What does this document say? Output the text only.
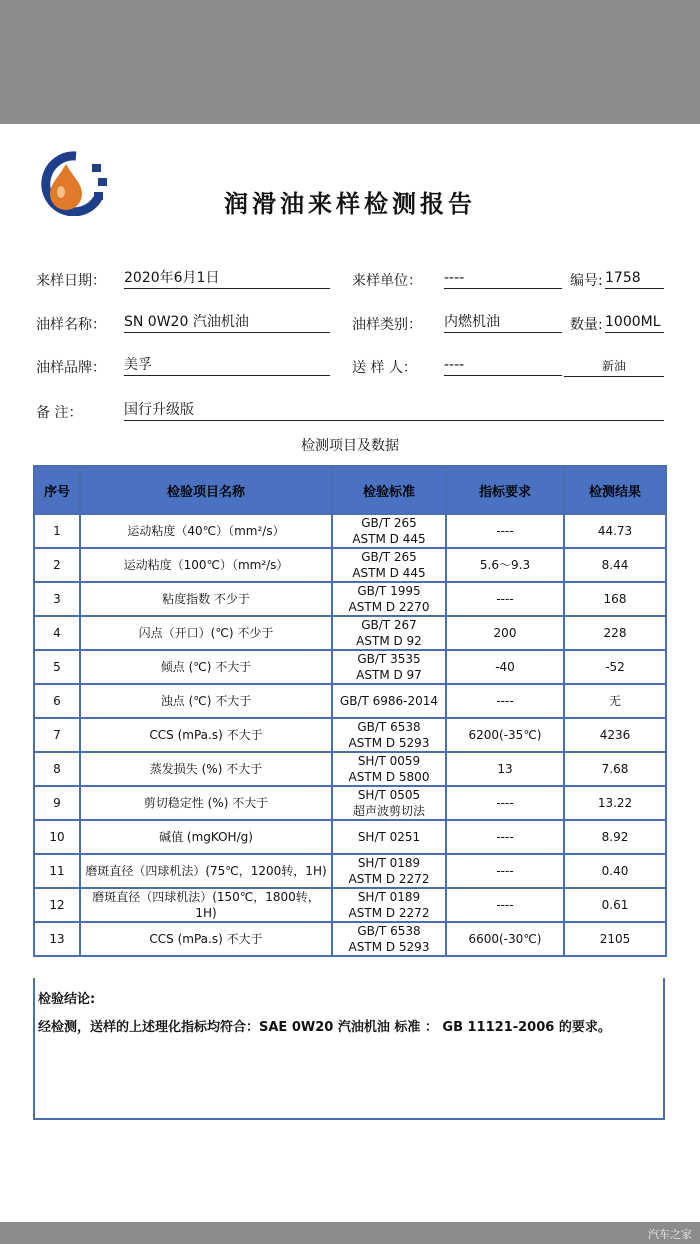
润滑油来样检测报告
来样日期： 2020年6月1日	来样单位： ----	编号: 1758
油样名称： SN 0W20 汽油机油	油样类别： 内燃机油	数量: 1000ML
油样品牌： 美孚	送 样 人： ----	新油
备 注：	国行升级版
检测项目及数据
序号	检验项目名称	检验标准	指标要求	检测结果
1	运动粘度（40℃）（mm²/s）	GB/T 265
ASTM D 445	----	44.73
2	运动粘度（100℃）（mm²/s）	GB/T 265
ASTM D 445	5.6～9.3	8.44
3	粘度指数 不少于	GB/T 1995
ASTM D 2270	----	168
4	闪点（开口）(℃) 不少于	GB/T 267
ASTM D 92	200	228
5	倾点 (℃) 不大于	GB/T 3535
ASTM D 97	-40	-52
6	浊点 (℃) 不大于	GB/T 6986-2014	----	无
7	CCS (mPa.s) 不大于	GB/T 6538
ASTM D 5293	6200(-35℃)	4236
8	蒸发损失 (%) 不大于	SH/T 0059
ASTM D 5800	13	7.68
9	剪切稳定性 (%) 不大于	SH/T 0505
超声波剪切法	----	13.22
10	碱值 (mgKOH/g)	SH/T 0251	----	8.92
11	磨斑直径（四球机法）(75℃，1200转，1H)	SH/T 0189
ASTM D 2272	----	0.40
12	磨斑直径（四球机法）(150℃，1800转，1H)	SH/T 0189
ASTM D 2272	----	0.61
13	CCS (mPa.s) 不大于	GB/T 6538
ASTM D 5293	6600(-30℃)	2105
检验结论:
经检测，送样的上述理化指标均符合：SAE 0W20 汽油机油 标准 ： GB 11121-2006 的要求。
汽车之家
